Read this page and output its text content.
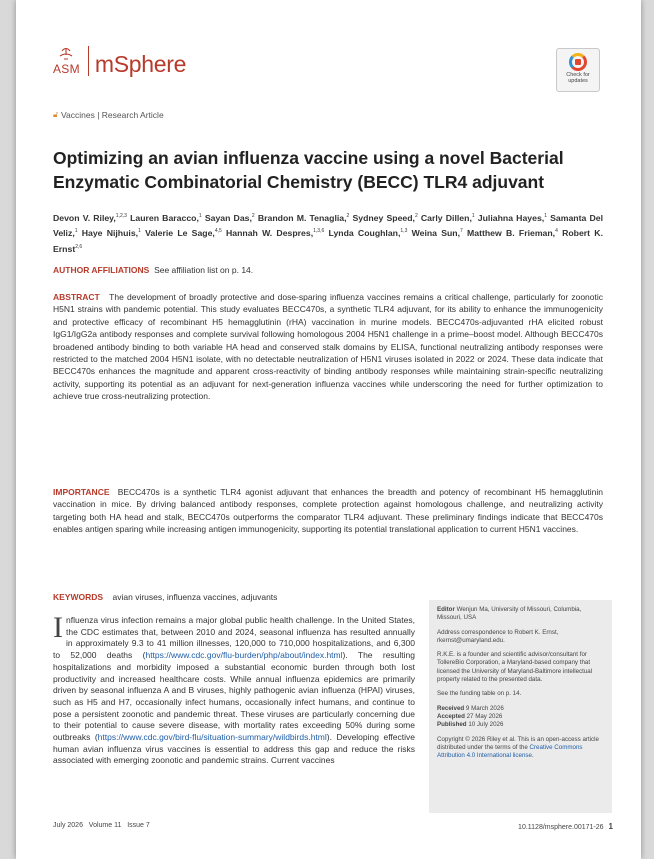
ASM mSphere	Check for
updates
🔓︎ Vaccines | Research Article
Optimizing an avian influenza vaccine using a novel Bacterial Enzymatic Combinatorial Chemistry (BECC) TLR4 adjuvant
Devon V. Riley,$^{1,2,3}$ Lauren Baracco,$^1$ Sayan Das,$^2$ Brandon M. Tenaglia,$^2$ Sydney Speed,$^2$ Carly Dillen,$^1$ Juliahna Hayes,$^1$ Samanta Del Veliz,$^1$ Haye Nijhuis,$^1$ Valerie Le Sage,$^{4,5}$ Hannah W. Despres,$^{1,3,6}$ Lynda Coughlan,$^{1,3}$ Weina Sun,$^7$ Matthew B. Frieman,$^4$ Robert K. Ernst$^{2,6}$
AUTHOR AFFILIATIONS See affiliation list on p. 14.

ABSTRACT The development of broadly protective and dose-sparing influenza vaccines remains a critical challenge, particularly for zoonotic H5N1 strains with pandemic potential. This study evaluates BECC470s, a synthetic TLR4 adjuvant, for its ability to enhance the immunogenicity and protective efficacy of recombinant H5 hemagglutinin (rHA) vaccination in murine models. BECC470s-adjuvanted rHA elicited robust IgG1/IgG2a antibody responses and complete survival following homologous 2004 H5N1 challenge in a prime–boost model. Although BECC470s broadened antibody binding to both variable HA head and conserved stalk domains by ELISA, functional neutralizing antibody responses were restricted to the matched 2004 H5N1 isolate, with no detectable neutralization of H5N1 viruses isolated in 2022 or 2024. These data indicate that BECC470s enhances the magnitude and apparent cross-reactivity of binding antibody responses while maintaining strain-specific neutralizing activity, supporting its potential as an adjuvant for next-generation influenza vaccines while underscoring the need for further optimization to achieve true cross-neutralizing protection.

IMPORTANCE BECC470s is a synthetic TLR4 agonist adjuvant that enhances the breadth and potency of recombinant H5 hemagglutinin vaccination in mice. By driving balanced antibody responses, complete protection against homologous challenge, and neutralizing activity targeting both HA head and stalk, BECC470s outperforms the comparator TLR4 adjuvant. These preliminary findings indicate that BECC470s enables antigen sparing while increasing antigen immunogenicity, supporting its potential translational application to current H5N1 vaccines.

KEYWORDS avian viruses, influenza vaccines, adjuvants

Influenza virus infection remains a major global public health challenge. In the United States, the CDC estimates that, between 2010 and 2024, seasonal influenza has resulted annually in approximately 9.3 to 41 million illnesses, 120,000 to 710,000 hospitalizations, and 6,300 to 52,000 deaths (https://www.cdc.gov/flu-burden/php/about/index.html). The resulting hospitalizations and morbidity imposed a substantial economic burden through both lost productivity and increased healthcare costs. While annual influenza epidemics are primarily driven by seasonal influenza A and B viruses, highly pathogenic avian influenza (HPAI) viruses, such as H5 and H7, occasionally infect humans, occasionally infect humans, and continue to pose a persistent zoonotic and pandemic threat. These viruses are particularly concerning due to their potential to cause severe disease, with mortality rates exceeding 50% during some outbreaks (https://www.cdc.gov/bird-flu/situation-summary/wildbirds.html). Developing effective human avian influenza virus vaccines is essential to address this gap and reduce the risks associated with emerging zoonotic and pandemic strains. Current vaccines

Editor Wenjun Ma, University of Missouri, Columbia, Missouri, USA

Address correspondence to Robert K. Ernst, rkernst@umaryland.edu.

R.K.E. is a founder and scientific advisor/consultant for TollereBio Corporation, a Maryland-based company that licensed the University of Maryland-Baltimore intellectual property related to the presented data.

See the funding table on p. 14.

Received 9 March 2026
Accepted 27 May 2026

Published 10 July 2026

Copyright © 2026 Riley et al. This is an open-access article distributed under the terms of the Creative Commons Attribution 4.0 International license.

July 2026   Volume 11   Issue 7	10.1128/msphere.00171-26 1
